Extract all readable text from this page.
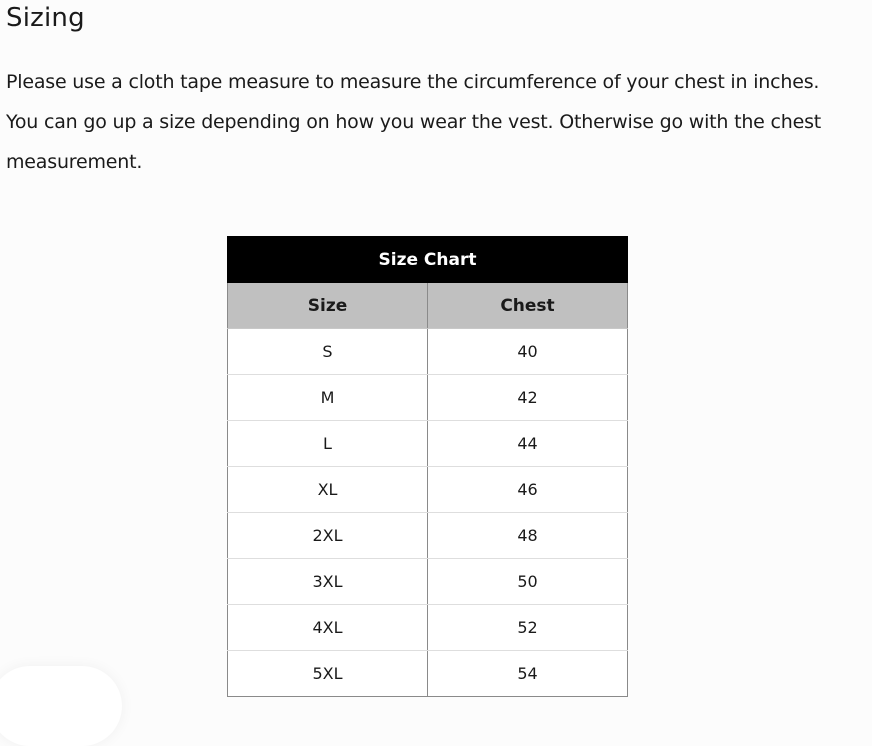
Sizing

Please use a cloth tape measure to measure the circumference of your chest in inches. You can go up a size depending on how you wear the vest. Otherwise go with the chest measurement.

Size Chart	
Size	Chest
S	40
M	42
L	44
XL	46
2XL	48
3XL	50
4XL	52
5XL	54
